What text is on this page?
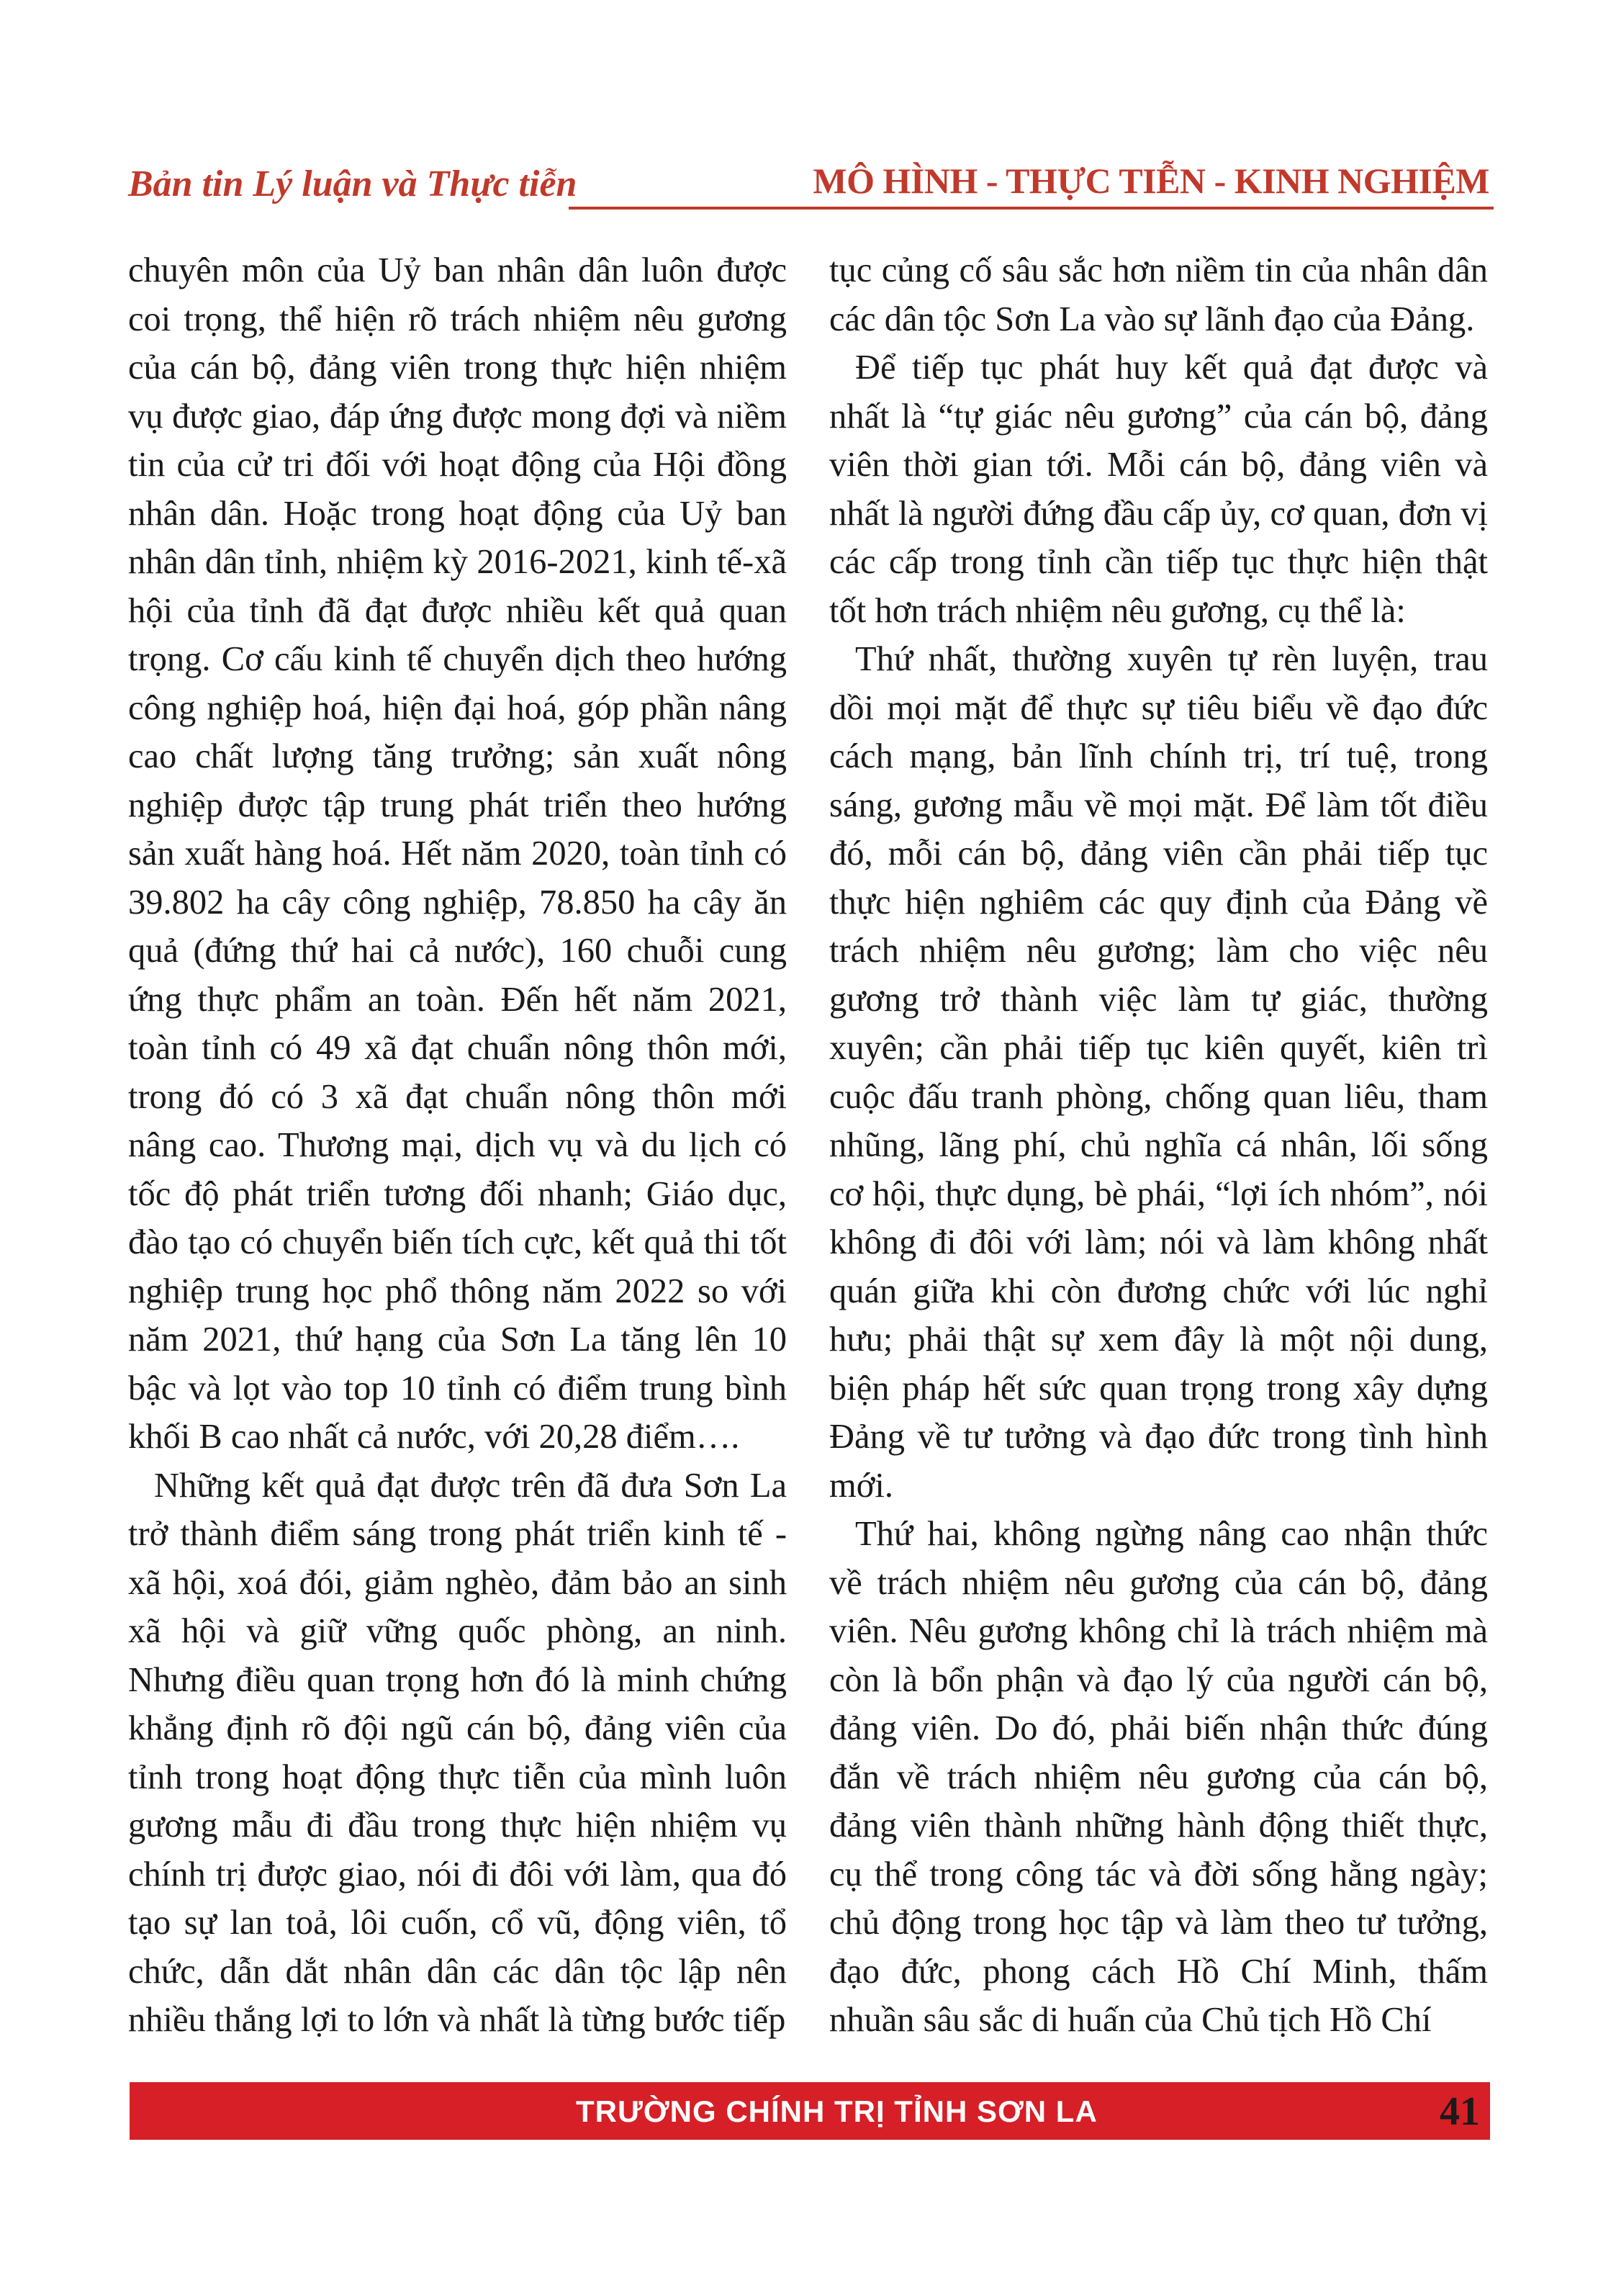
Bản tin Lý luận và Thực tiễn	MÔ HÌNH - THỰC TIỄN - KINH NGHIỆM

chuyên môn của Uỷ ban nhân dân luôn được coi trọng, thể hiện rõ trách nhiệm nêu gương của cán bộ, đảng viên trong thực hiện nhiệm vụ được giao, đáp ứng được mong đợi và niềm tin của cử tri đối với hoạt động của Hội đồng nhân dân. Hoặc trong hoạt động của Uỷ ban nhân dân tỉnh, nhiệm kỳ 2016-2021, kinh tế-xã hội của tỉnh đã đạt được nhiều kết quả quan trọng. Cơ cấu kinh tế chuyển dịch theo hướng công nghiệp hoá, hiện đại hoá, góp phần nâng cao chất lượng tăng trưởng; sản xuất nông nghiệp được tập trung phát triển theo hướng sản xuất hàng hoá. Hết năm 2020, toàn tỉnh có 39.802 ha cây công nghiệp, 78.850 ha cây ăn quả (đứng thứ hai cả nước), 160 chuỗi cung ứng thực phẩm an toàn. Đến hết năm 2021, toàn tỉnh có 49 xã đạt chuẩn nông thôn mới, trong đó có 3 xã đạt chuẩn nông thôn mới nâng cao. Thương mại, dịch vụ và du lịch có tốc độ phát triển tương đối nhanh; Giáo dục, đào tạo có chuyển biến tích cực, kết quả thi tốt nghiệp trung học phổ thông năm 2022 so với năm 2021, thứ hạng của Sơn La tăng lên 10 bậc và lọt vào top 10 tỉnh có điểm trung bình khối B cao nhất cả nước, với 20,28 điểm….

Những kết quả đạt được trên đã đưa Sơn La trở thành điểm sáng trong phát triển kinh tế - xã hội, xoá đói, giảm nghèo, đảm bảo an sinh xã hội và giữ vững quốc phòng, an ninh. Nhưng điều quan trọng hơn đó là minh chứng khẳng định rõ đội ngũ cán bộ, đảng viên của tỉnh trong hoạt động thực tiễn của mình luôn gương mẫu đi đầu trong thực hiện nhiệm vụ chính trị được giao, nói đi đôi với làm, qua đó tạo sự lan toả, lôi cuốn, cổ vũ, động viên, tổ chức, dẫn dắt nhân dân các dân tộc lập nên nhiều thắng lợi to lớn và nhất là từng bước tiếp

tục củng cố sâu sắc hơn niềm tin của nhân dân các dân tộc Sơn La vào sự lãnh đạo của Đảng.

Để tiếp tục phát huy kết quả đạt được và nhất là “tự giác nêu gương” của cán bộ, đảng viên thời gian tới. Mỗi cán bộ, đảng viên và nhất là người đứng đầu cấp ủy, cơ quan, đơn vị các cấp trong tỉnh cần tiếp tục thực hiện thật tốt hơn trách nhiệm nêu gương, cụ thể là:

Thứ nhất, thường xuyên tự rèn luyện, trau dồi mọi mặt để thực sự tiêu biểu về đạo đức cách mạng, bản lĩnh chính trị, trí tuệ, trong sáng, gương mẫu về mọi mặt. Để làm tốt điều đó, mỗi cán bộ, đảng viên cần phải tiếp tục thực hiện nghiêm các quy định của Đảng về trách nhiệm nêu gương; làm cho việc nêu gương trở thành việc làm tự giác, thường xuyên; cần phải tiếp tục kiên quyết, kiên trì cuộc đấu tranh phòng, chống quan liêu, tham nhũng, lãng phí, chủ nghĩa cá nhân, lối sống cơ hội, thực dụng, bè phái, “lợi ích nhóm”, nói không đi đôi với làm; nói và làm không nhất quán giữa khi còn đương chức với lúc nghỉ hưu; phải thật sự xem đây là một nội dung, biện pháp hết sức quan trọng trong xây dựng Đảng về tư tưởng và đạo đức trong tình hình mới.

Thứ hai, không ngừng nâng cao nhận thức về trách nhiệm nêu gương của cán bộ, đảng viên. Nêu gương không chỉ là trách nhiệm mà còn là bổn phận và đạo lý của người cán bộ, đảng viên. Do đó, phải biến nhận thức đúng đắn về trách nhiệm nêu gương của cán bộ, đảng viên thành những hành động thiết thực, cụ thể trong công tác và đời sống hằng ngày; chủ động trong học tập và làm theo tư tưởng, đạo đức, phong cách Hồ Chí Minh, thấm nhuần sâu sắc di huấn của Chủ tịch Hồ Chí

TRƯỜNG CHÍNH TRỊ TỈNH SƠN LA	41
